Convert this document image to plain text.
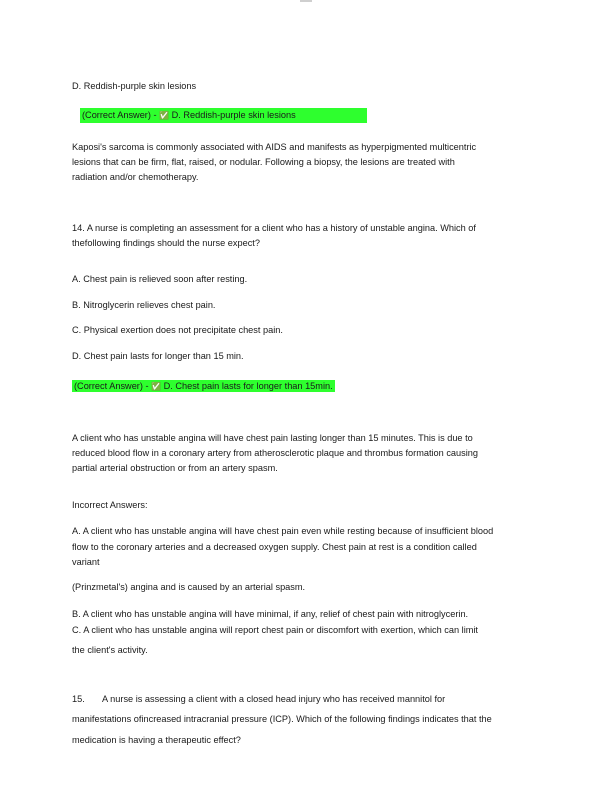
D. Reddish-purple skin lesions
(Correct Answer) - ✅ D. Reddish-purple skin lesions
Kaposi's sarcoma is commonly associated with AIDS and manifests as hyperpigmented multicentric
lesions that can be firm, flat, raised, or nodular. Following a biopsy, the lesions are treated with
radiation and/or chemotherapy.
14. A nurse is completing an assessment for a client who has a history of unstable angina. Which of
thefollowing findings should the nurse expect?
A. Chest pain is relieved soon after resting.
B. Nitroglycerin relieves chest pain.
C. Physical exertion does not precipitate chest pain.
D. Chest pain lasts for longer than 15 min.
(Correct Answer) - ✅ D. Chest pain lasts for longer than 15min.
A client who has unstable angina will have chest pain lasting longer than 15 minutes. This is due to
reduced blood flow in a coronary artery from atherosclerotic plaque and thrombus formation causing
partial arterial obstruction or from an artery spasm.
Incorrect Answers:
A. A client who has unstable angina will have chest pain even while resting because of insufficient blood
flow to the coronary arteries and a decreased oxygen supply. Chest pain at rest is a condition called
variant
(Prinzmetal's) angina and is caused by an arterial spasm.
B. A client who has unstable angina will have minimal, if any, relief of chest pain with nitroglycerin.
C. A client who has unstable angina will report chest pain or discomfort with exertion, which can limit
the client's activity.
15. A nurse is assessing a client with a closed head injury who has received mannitol for
manifestations ofincreased intracranial pressure (ICP). Which of the following findings indicates that the
medication is having a therapeutic effect?
